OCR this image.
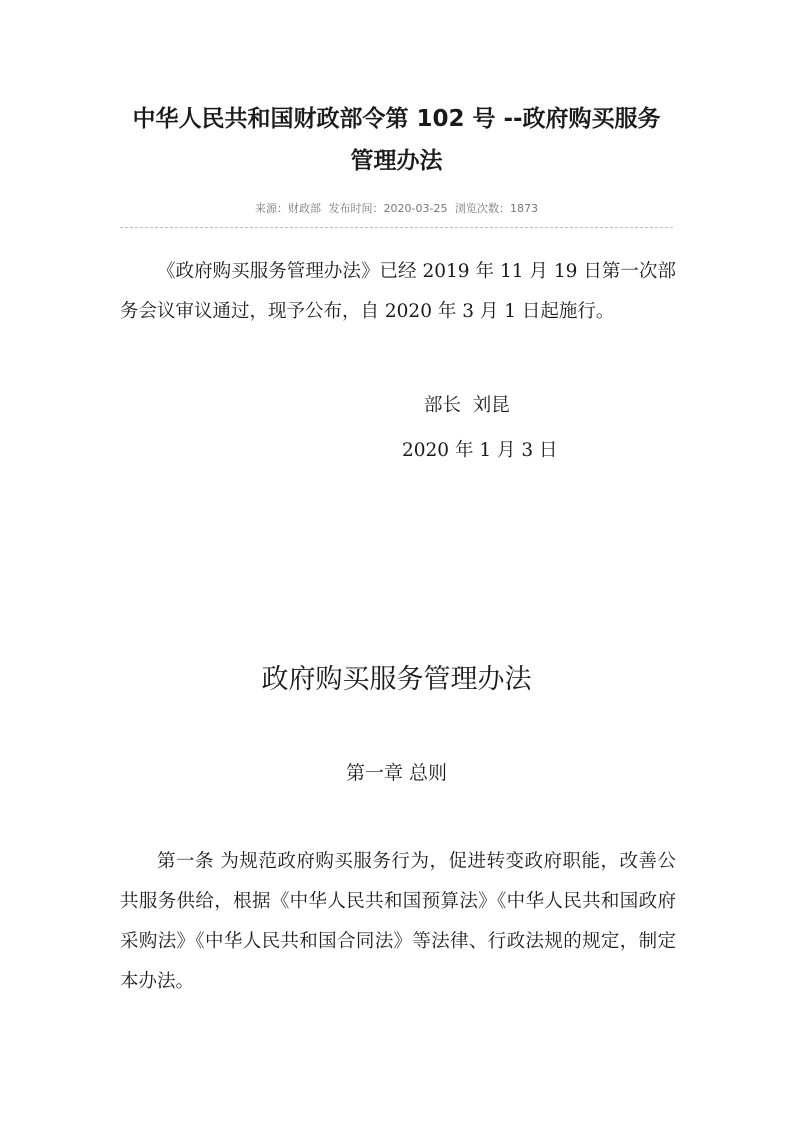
中华人民共和国财政部令第 102 号 --政府购买服务
管理办法
来源：财政部 发布时间：2020-03-25 浏览次数：1873
《政府购买服务管理办法》已经 2019 年 11 月 19 日第一次部务会议审议通过，现予公布，自 2020 年 3 月 1 日起施行。
部长  刘昆
2020 年 1 月 3 日
政府购买服务管理办法
第一章 总则
第一条 为规范政府购买服务行为，促进转变政府职能，改善公共服务供给，根据《中华人民共和国预算法》《中华人民共和国政府采购法》《中华人民共和国合同法》等法律、行政法规的规定，制定本办法。
